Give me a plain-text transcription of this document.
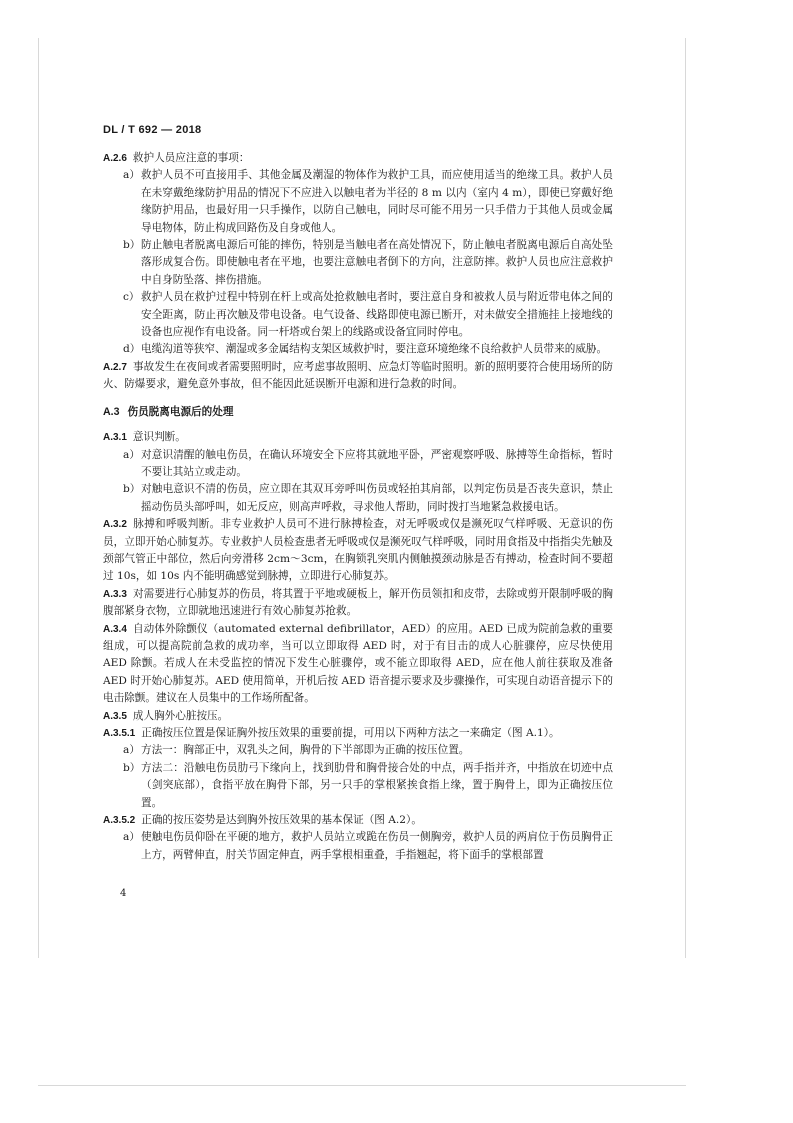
DL / T 692 — 2018

A.2.6 救护人员应注意的事项：

a） 救护人员不可直接用手、其他金属及潮湿的物体作为救护工具，而应使用适当的绝缘工具。救护人员在未穿戴绝缘防护用品的情况下不应进入以触电者为半径的 8 m 以内（室内 4 m），即使已穿戴好绝缘防护用品，也最好用一只手操作，以防自己触电，同时尽可能不用另一只手借力于其他人员或金属导电物体，防止构成回路伤及自身或他人。

b） 防止触电者脱离电源后可能的摔伤，特别是当触电者在高处情况下，防止触电者脱离电源后自高处坠落形成复合伤。即使触电者在平地，也要注意触电者倒下的方向，注意防摔。救护人员也应注意救护中自身防坠落、摔伤措施。

c） 救护人员在救护过程中特别在杆上或高处抢救触电者时，要注意自身和被救人员与附近带电体之间的安全距离，防止再次触及带电设备。电气设备、线路即使电源已断开，对未做安全措施挂上接地线的设备也应视作有电设备。同一杆塔或台架上的线路或设备宜同时停电。

d） 电缆沟道等狭窄、潮湿或多金属结构支架区域救护时，要注意环境绝缘不良给救护人员带来的威胁。

A.2.7 事故发生在夜间或者需要照明时，应考虑事故照明、应急灯等临时照明。新的照明要符合使用场所的防火、防爆要求，避免意外事故，但不能因此延误断开电源和进行急救的时间。

A.3 伤员脱离电源后的处理

A.3.1 意识判断。

a） 对意识清醒的触电伤员，在确认环境安全下应将其就地平卧，严密观察呼吸、脉搏等生命指标，暂时不要让其站立或走动。

b） 对触电意识不清的伤员，应立即在其双耳旁呼叫伤员或轻拍其肩部，以判定伤员是否丧失意识，禁止摇动伤员头部呼叫，如无反应，则高声呼救，寻求他人帮助，同时拨打当地紧急救援电话。

A.3.2 脉搏和呼吸判断。非专业救护人员可不进行脉搏检查，对无呼吸或仅是濒死叹气样呼吸、无意识的伤员，立即开始心肺复苏。专业救护人员检查患者无呼吸或仅是濒死叹气样呼吸，同时用食指及中指指尖先触及颈部气管正中部位，然后向旁滑移 2cm～3cm，在胸锁乳突肌内侧触摸颈动脉是否有搏动，检查时间不要超过 10s，如 10s 内不能明确感觉到脉搏，立即进行心肺复苏。

A.3.3 对需要进行心肺复苏的伤员，将其置于平地或硬板上，解开伤员领扣和皮带，去除或剪开限制呼吸的胸腹部紧身衣物，立即就地迅速进行有效心肺复苏抢救。

A.3.4 自动体外除颤仪（automated external defibrillator，AED）的应用。AED 已成为院前急救的重要组成，可以提高院前急救的成功率，当可以立即取得 AED 时，对于有目击的成人心脏骤停，应尽快使用 AED 除颤。若成人在未受监控的情况下发生心脏骤停，或不能立即取得 AED，应在他人前往获取及准备 AED 时开始心肺复苏。AED 使用简单，开机后按 AED 语音提示要求及步骤操作，可实现自动语音提示下的电击除颤。建议在人员集中的工作场所配备。

A.3.5 成人胸外心脏按压。

A.3.5.1 正确按压位置是保证胸外按压效果的重要前提，可用以下两种方法之一来确定（图 A.1）。

a） 方法一：胸部正中，双乳头之间，胸骨的下半部即为正确的按压位置。

b） 方法二：沿触电伤员肋弓下缘向上，找到肋骨和胸骨接合处的中点，两手指并齐，中指放在切迹中点（剑突底部），食指平放在胸骨下部，另一只手的掌根紧挨食指上缘，置于胸骨上，即为正确按压位置。

A.3.5.2 正确的按压姿势是达到胸外按压效果的基本保证（图 A.2）。

a） 使触电伤员仰卧在平硬的地方，救护人员站立或跪在伤员一侧胸旁，救护人员的两肩位于伤员胸骨正上方，两臂伸直，肘关节固定伸直，两手掌根相重叠，手指翘起，将下面手的掌根部置

4
